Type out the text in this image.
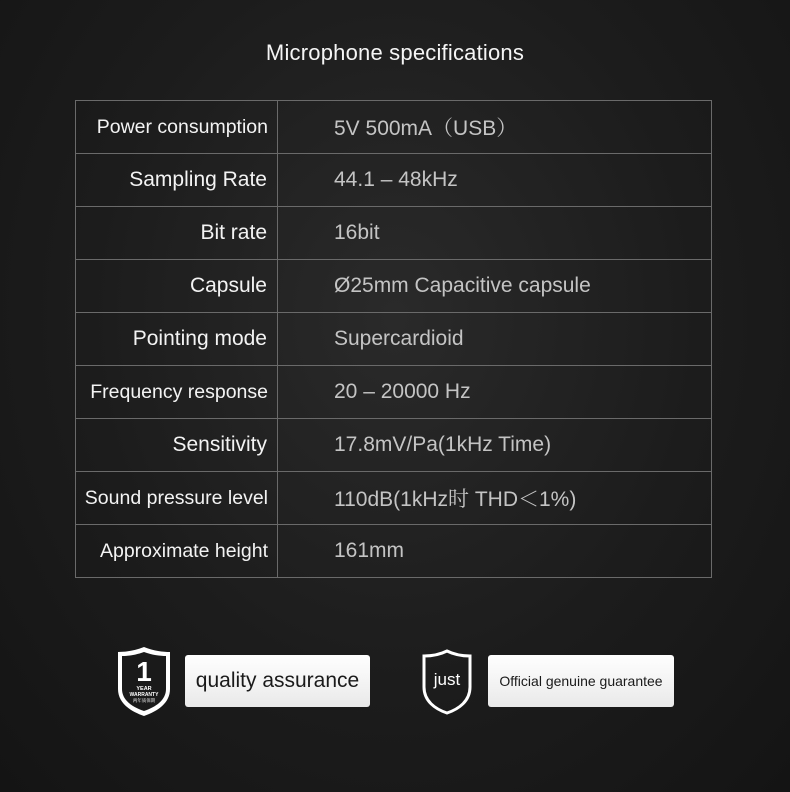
Microphone specifications
Power consumption	5V 500mA（USB）
Sampling Rate	44.1 – 48kHz
Bit rate	16bit
Capsule	Ø25mm Capacitive capsule
Pointing mode	Supercardioid
Frequency response	20 – 20000 Hz
Sensitivity	17.8mV/Pa(1kHz Time)
Sound pressure level	110dB(1kHz时 THD＜1%)
Approximate height	161mm
1
YEAR
WARRANTY
两年质保期
quality assurance	just	Official genuine guarantee
